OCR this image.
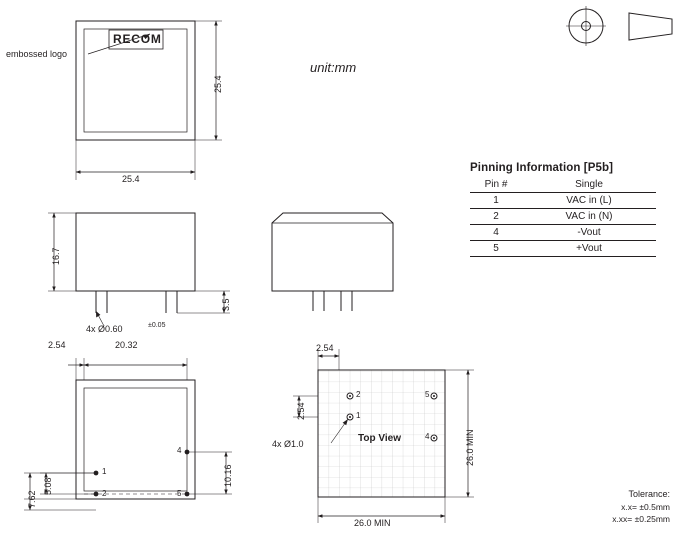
RECOM
embossed logo
25.4
25.4
unit:mm
16.7
3.5
4x Ø0.60	±0.05
2.54	20.32
5.08
7.62
10.16
1
2
4
5
2.54
2.54
4x Ø1.0	Top View
2
1
5
4	26.0 MIN
26.0 MIN
Pinning Information [P5b]
Pin #	Single
1	VAC in (L)
2	VAC in (N)
4	-Vout
5	+Vout
Tolerance:
x.x= ±0.5mm
x.xx= ±0.25mm
